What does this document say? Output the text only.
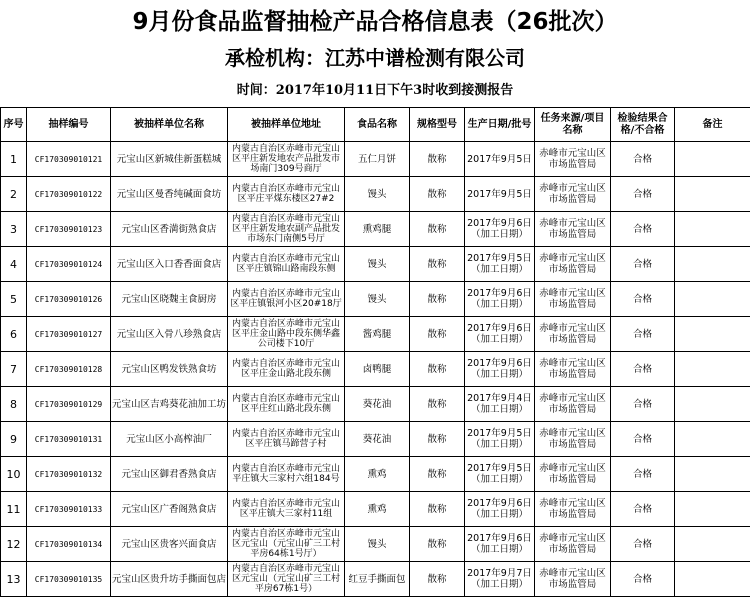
9月份食品监督抽检产品合格信息表（26批次）
承检机构：江苏中谱检测有限公司
时间：2017年10月11日下午3时收到接测报告
序号	抽样编号	被抽样单位名称	被抽样单位地址	食品名称	规格型号	生产日期/批号	任务来源/项目名称	检验结果合格/不合格	备注
1	CF170309010121	元宝山区新城佳新蛋糕城	内蒙古自治区赤峰市元宝山区平庄新发地农产品批发市场南门309号商厅	五仁月饼	散称	2017年9月5日	赤峰市元宝山区市场监管局	合格	
2	CF170309010122	元宝山区曼香纯碱面食坊	内蒙古自治区赤峰市元宝山区平庄平煤东楼区27#2	馒头	散称	2017年9月5日	赤峰市元宝山区市场监管局	合格	
3	CF170309010123	元宝山区香満街熟食店	内蒙古自治区赤峰市元宝山区平庄新发地农副产品批发市场东门南侧5号厅	熏鸡腿	散称	2017年9月6日（加工日期）	赤峰市元宝山区市场监管局	合格	
4	CF170309010124	元宝山区入口香香面食店	内蒙古自治区赤峰市元宝山区平庄镇锦山路南段东侧	馒头	散称	2017年9月5日（加工日期）	赤峰市元宝山区市场监管局	合格	
5	CF170309010126	元宝山区晓魏主食厨房	内蒙古自治区赤峰市元宝山区平庄镇银河小区20#18厅	馒头	散称	2017年9月6日（加工日期）	赤峰市元宝山区市场监管局	合格	
6	CF170309010127	元宝山区入骨八珍熟食店	内蒙古自治区赤峰市元宝山区平庄金山路中段东侧华鑫公司楼下10厅	酱鸡腿	散称	2017年9月6日（加工日期）	赤峰市元宝山区市场监管局	合格	
7	CF170309010128	元宝山区鸭发铁熟食坊	内蒙古自治区赤峰市元宝山区平庄金山路北段东侧	卤鸭腿	散称	2017年9月6日（加工日期）	赤峰市元宝山区市场监管局	合格	
8	CF170309010129	元宝山区吉鸡葵花油加工坊	内蒙古自治区赤峰市元宝山区平庄红山路北段东侧	葵花油	散称	2017年9月4日（加工日期）	赤峰市元宝山区市场监管局	合格	
9	CF170309010131	元宝山区小高榨油厂	内蒙古自治区赤峰市元宝山区平庄镇马蹄营子村	葵花油	散称	2017年9月5日（加工日期）	赤峰市元宝山区市场监管局	合格	
10	CF170309010132	元宝山区御君香熟食店	内蒙古自治区赤峰市元宝山平庄镇大三家村六组184号	熏鸡	散称	2017年9月5日（加工日期）	赤峰市元宝山区市场监管局	合格	
11	CF170309010133	元宝山区广香阁熟食店	内蒙古自治区赤峰市元宝山区平庄镇大三家村11组	熏鸡	散称	2017年9月6日（加工日期）	赤峰市元宝山区市场监管局	合格	
12	CF170309010134	元宝山区贵客兴面食店	内蒙古自治区赤峰市元宝山区元宝山（元宝山矿三工村平房64栋1号厅）	馒头	散称	2017年9月6日（加工日期）	赤峰市元宝山区市场监管局	合格	
13	CF170309010135	元宝山区贵升坊手撕面包店	内蒙古自治区赤峰市元宝山区元宝山（元宝山矿三工村平房67栋1号）	红豆手撕面包	散称	2017年9月7日（加工日期）	赤峰市元宝山区市场监管局	合格	
